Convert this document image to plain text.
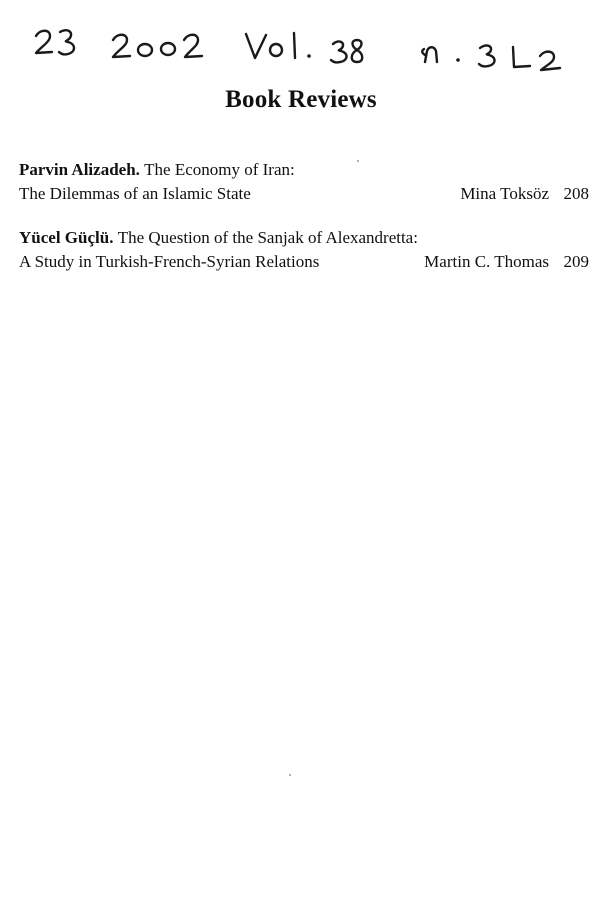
Book Reviews
Parvin Alizadeh.
The Economy of Iran:
The Dilemmas of an Islamic State	Mina Toksöz 208
Yücel Güçlü.
The Question of the Sanjak of Alexandretta:
A Study in Turkish-French-Syrian Relations	Martin C. Thomas 209
